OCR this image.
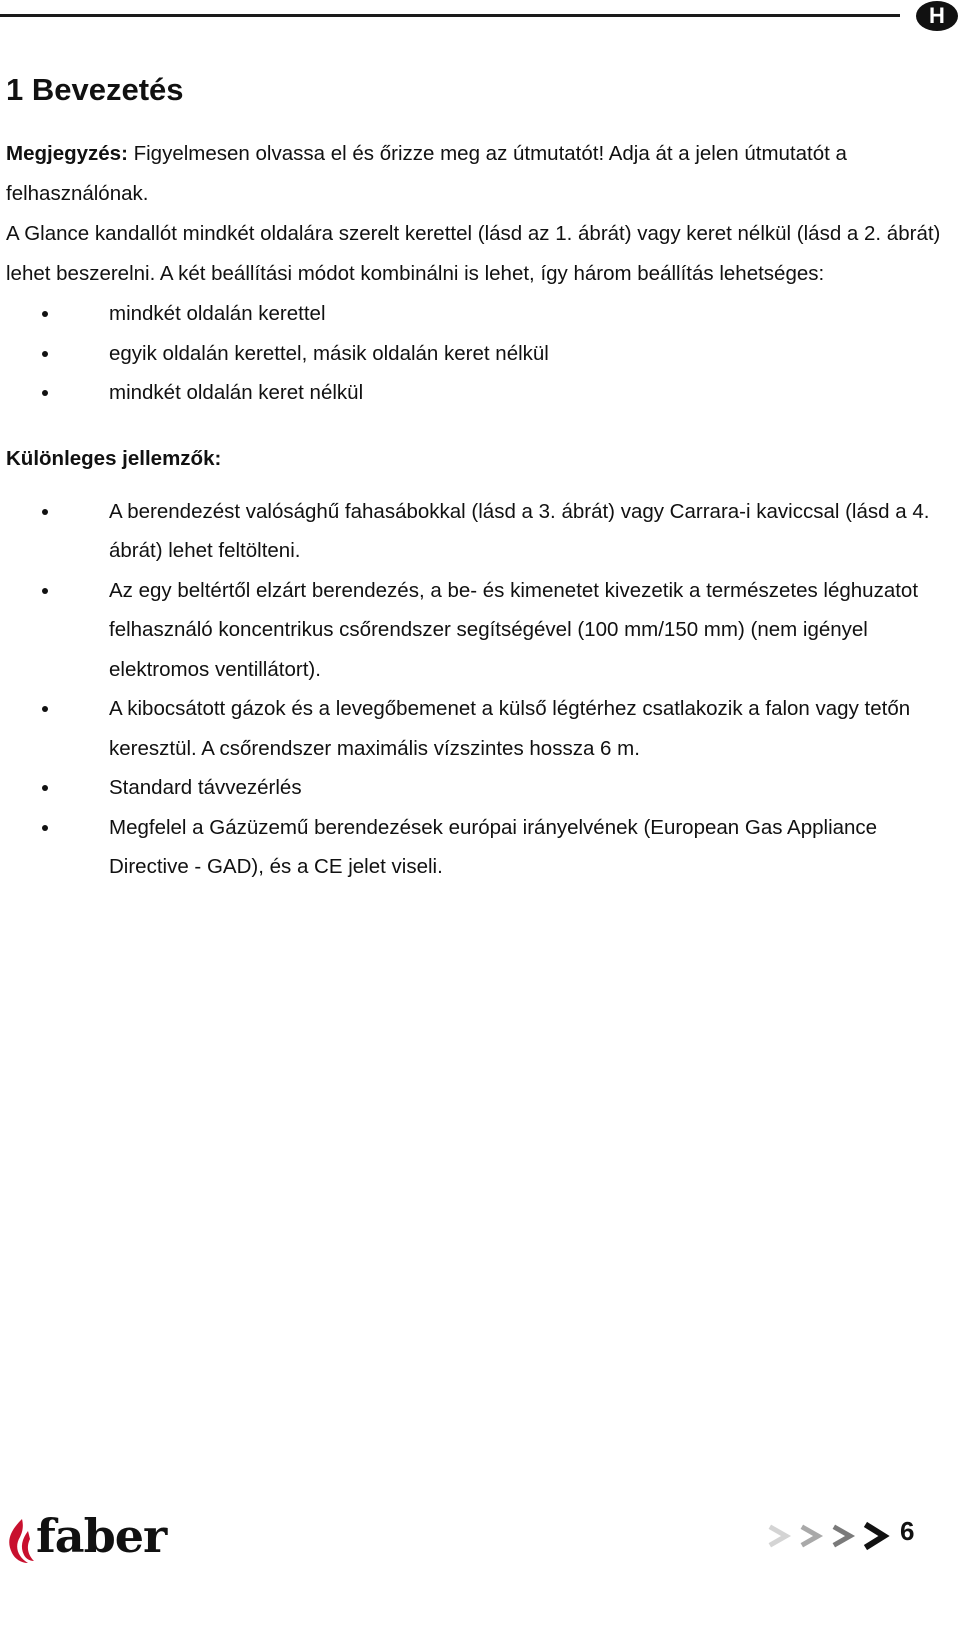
H
1 Bevezetés

Megjegyzés: Figyelmesen olvassa el és őrizze meg az útmutatót! Adja át a jelen útmutatót a felhasználónak.

A Glance kandallót mindkét oldalára szerelt kerettel (lásd az 1. ábrát) vagy keret nélkül (lásd a 2. ábrát) lehet beszerelni. A két beállítási módot kombinálni is lehet, így három beállítás lehetséges:

mindkét oldalán kerettel
egyik oldalán kerettel, másik oldalán keret nélkül
mindkét oldalán keret nélkül
Különleges jellemzők:
A berendezést valósághű fahasábokkal (lásd a 3. ábrát) vagy Carrara-i kaviccsal (lásd a 4. ábrát) lehet feltölteni.
Az egy beltértől elzárt berendezés, a be- és kimenetet kivezetik a természetes léghuzatot felhasználó koncentrikus csőrendszer segítségével (100 mm/150 mm) (nem igényel elektromos ventillátort).
A kibocsátott gázok és a levegőbemenet a külső légtérhez csatlakozik a falon vagy tetőn keresztül. A csőrendszer maximális vízszintes hossza 6 m.
Standard távvezérlés
Megfelel a Gázüzemű berendezések európai irányelvének (European Gas Appliance Directive - GAD), és a CE jelet viseli.
faber	6
